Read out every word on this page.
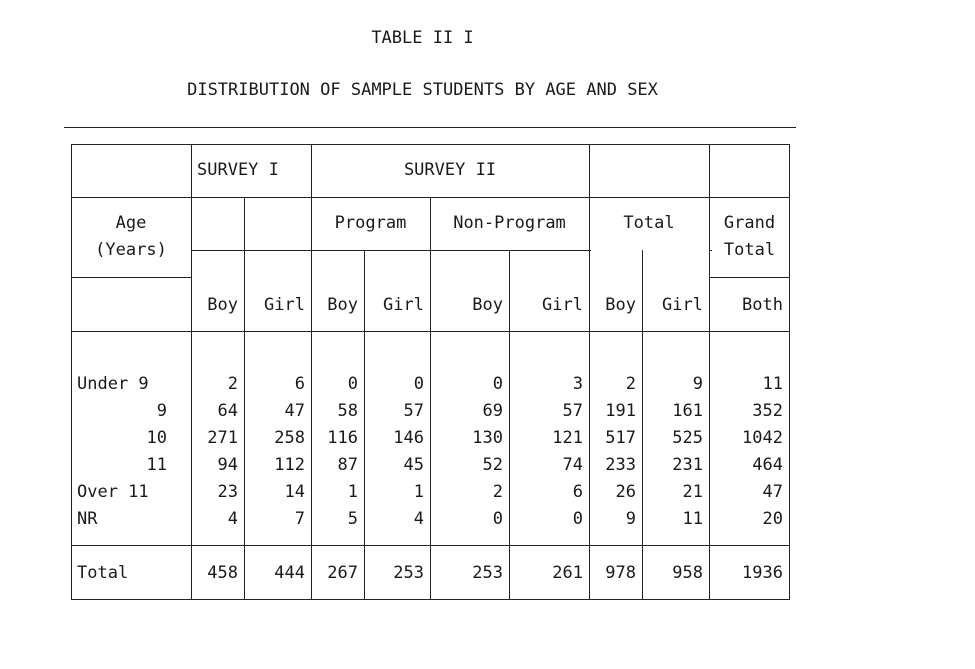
TABLE II I
DISTRIBUTION OF SAMPLE STUDENTS BY AGE AND SEX
SURVEY I	SURVEY II
Age
(Years)
Program	Non-Program	Total	Grand
Total
Boy	Girl	Boy	Girl	Boy	Girl	Boy	Girl	Both
Under 9	2	6	0	0	0	3	2	9	11
9	64	47	58	57	69	57	191	161	352
10	271	258	116	146	130	121	517	525	1042
11	94	112	87	45	52	74	233	231	464
Over 11	23	14	1	1	2	6	26	21	47
NR	4	7	5	4	0	0	9	11	20
Total	458	444	267	253	253	261	978	958	1936
